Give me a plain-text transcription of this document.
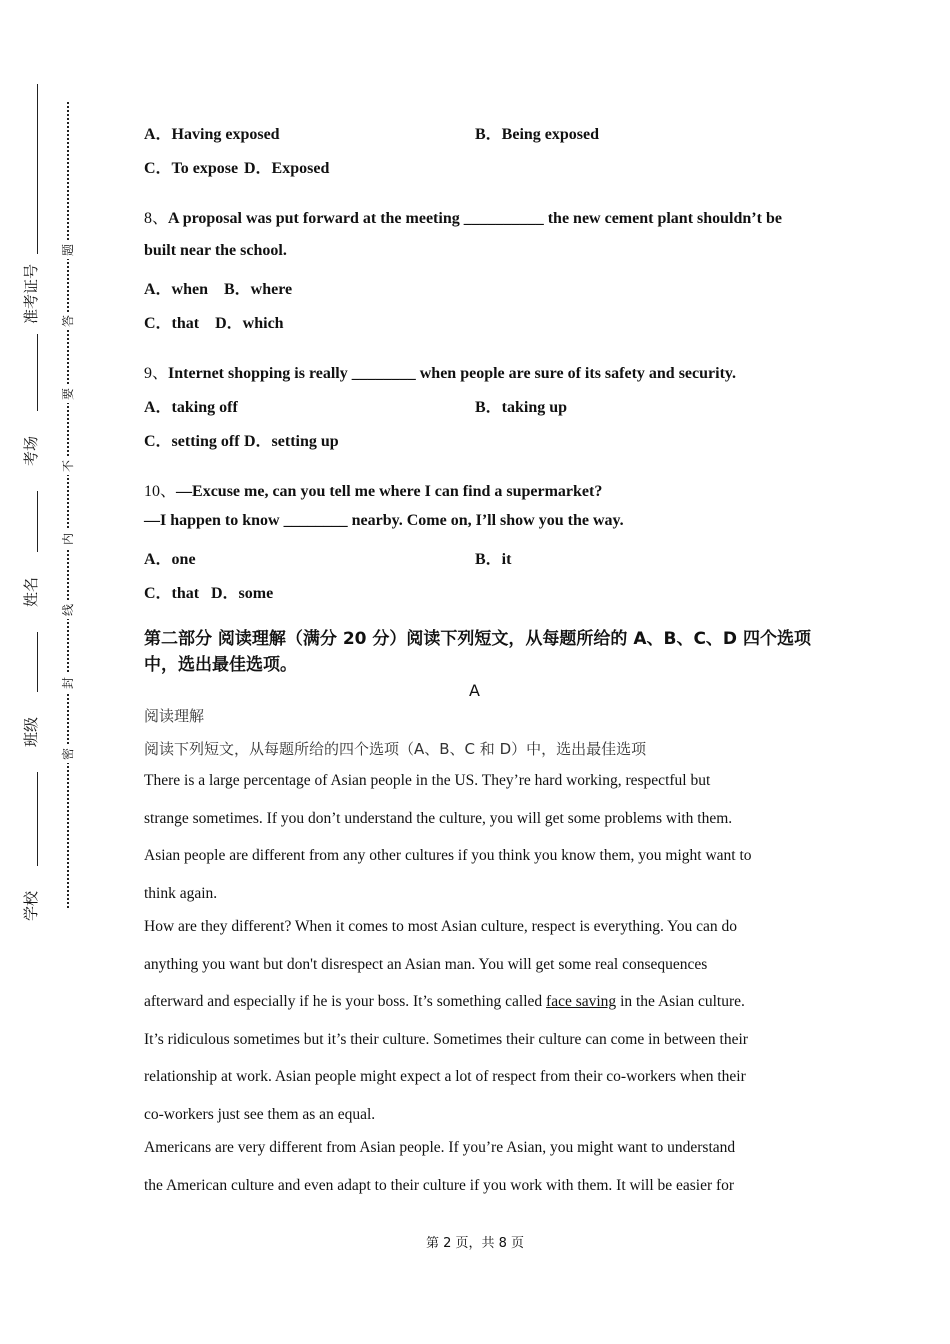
准考证号
考场
姓名
班级
学校
题
答
要
不
内
线
封
密
A．Having exposed	B．Being exposed
C．To expose D．Exposed
8、A proposal was put forward at the meeting __________ the new cement plant shouldn’t be
built near the school.
A．when    B．where
C．that    D．which
9、Internet shopping is really ________ when people are sure of its safety and security.
A．taking off	B．taking up
C．setting off D．setting up
10、—Excuse me, can you tell me where I can find a supermarket?
—I happen to know ________ nearby. Come on, I’ll show you the way.
A．one	B．it
C．that D．some
第二部分 阅读理解（满分 20 分）阅读下列短文，从每题所给的 A、B、C、D 四个选项中，选出最佳选项。
A
阅读理解
阅读下列短文，从每题所给的四个选项（A、B、C 和 D）中，选出最佳选项
There is a large percentage of Asian people in the US. They’re hard working, respectful but
strange sometimes. If you don’t understand the culture, you will get some problems with them.
Asian people are different from any other cultures if you think you know them, you might want to
think again.
How are they different? When it comes to most Asian culture, respect is everything. You can do
anything you want but don't disrespect an Asian man. You will get some real consequences
afterward and especially if he is your boss. It’s something called face saving in the Asian culture.
It’s ridiculous sometimes but it’s their culture. Sometimes their culture can come in between their
relationship at work. Asian people might expect a lot of respect from their co-workers when their
co-workers just see them as an equal.
Americans are very different from Asian people. If you’re Asian, you might want to understand
the American culture and even adapt to their culture if you work with them. It will be easier for
第 2 页，共 8 页
